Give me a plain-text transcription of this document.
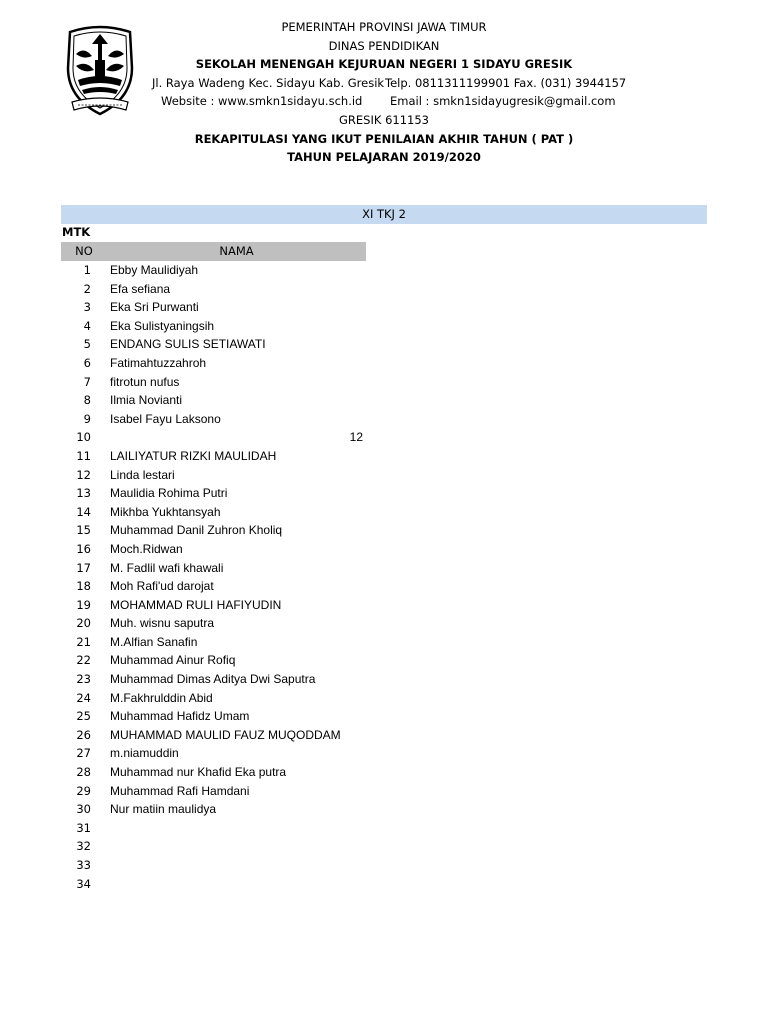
PEMERINTAH PROVINSI JAWA TIMUR
DINAS PENDIDIKAN
SEKOLAH MENENGAH KEJURUAN NEGERI 1 SIDAYU GRESIK
Jl. Raya Wadeng Kec. Sidayu Kab. Gresik Telp. 0811311199901 Fax. (031) 3944157
Website : www.smkn1sidayu.sch.id Email : smkn1sidayugresik@gmail.com
GRESIK 611153
REKAPITULASI YANG IKUT PENILAIAN AKHIR TAHUN ( PAT )
TAHUN PELAJARAN 2019/2020
XI TKJ 2
MTK
NO	NAMA
1 Ebby Maulidiyah
2 Efa sefiana
3 Eka Sri Purwanti
4 Eka Sulistyaningsih
5 ENDANG SULIS SETIAWATI
6 Fatimahtuzzahroh
7 fitrotun nufus
8 Ilmia Novianti
9 Isabel Fayu Laksono
10	12
11 LAILIYATUR RIZKI MAULIDAH
12 Linda lestari
13 Maulidia Rohima Putri
14 Mikhba Yukhtansyah
15 Muhammad Danil Zuhron Kholiq
16 Moch.Ridwan
17 M. Fadlil wafi khawali
18 Moh Rafi'ud darojat
19 MOHAMMAD RULI HAFIYUDIN
20 Muh. wisnu saputra
21 M.Alfian Sanafin
22 Muhammad Ainur Rofiq
23 Muhammad Dimas Aditya Dwi Saputra
24 M.Fakhrulddin Abid
25 Muhammad Hafidz Umam
26 MUHAMMAD MAULID FAUZ MUQODDAM
27 m.niamuddin
28 Muhammad nur Khafid Eka putra
29 Muhammad Rafi Hamdani
30 Nur matiin maulidya
31
32
33
34
